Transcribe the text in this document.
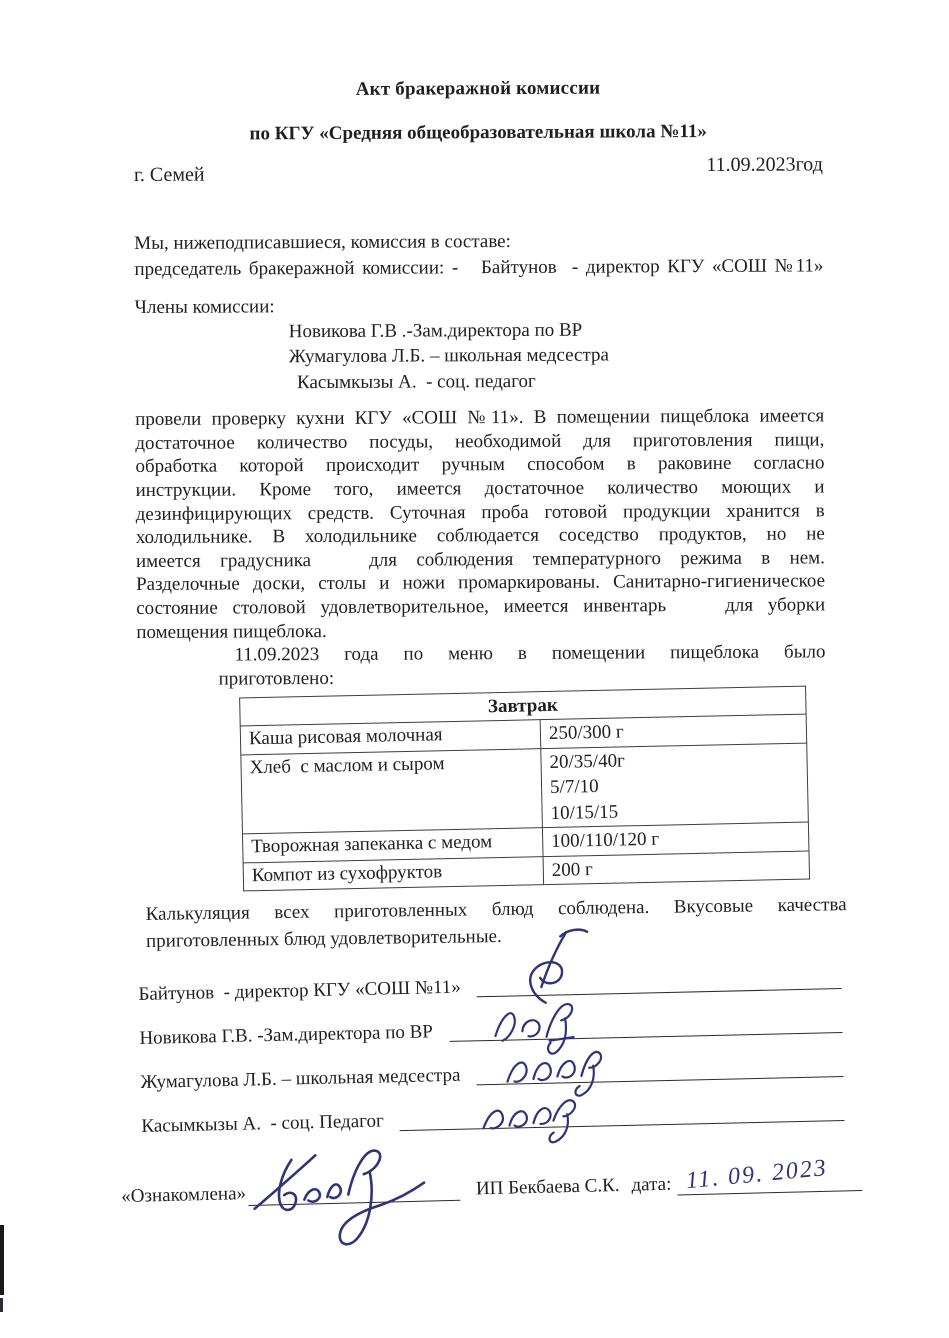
Акт бракеражной комиссии
по КГУ «Средняя общеобразовательная школа №11»
г. Семей	11.09.2023год
Мы, нижеподписавшиеся, комиссия в составе:
председатель бракеражной комиссии: -   Байтунов  - директор КГУ «СОШ №11»
Члены комиссии:
Новикова Г.В .-Зам.директора по ВР
Жумагулова Л.Б. – школьная медсестра
Касымкызы А.  - соц. педагог
провели проверку кухни КГУ «СОШ №11». В помещении пищеблока имеется
достаточное количество посуды, необходимой для приготовления пищи,
обработка которой происходит ручным способом в раковине согласно
инструкции. Кроме того, имеется достаточное количество моющих и
дезинфицирующих средств. Суточная проба готовой продукции хранится в
холодильнике. В холодильнике соблюдается соседство продуктов, но не
имеется градусника   для соблюдения температурного режима в нем.
Разделочные доски, столы и ножи промаркированы. Санитарно-гигиеническое
состояние столовой удовлетворительное, имеется инвентарь    для уборки
помещения пищеблока.
11.09.2023 года по меню в помещении пищеблока было
приготовлено:
Завтрак	
Каша рисовая молочная	250/300 г

Хлеб  с маслом и сыром	20/35/40г
5/7/10
10/15/15

Творожная запеканка с медом	100/110/120 г

Компот из сухофруктов	200 г
Калькуляция всех приготовленных блюд соблюдена. Вкусовые качества
приготовленных блюд удовлетворительные.
Байтунов  - директор КГУ «СОШ №11»
Новикова Г.В. -Зам.директора по ВР
Жумагулова Л.Б. – школьная медсестра
Касымкызы А.  - соц. Педагог
«Ознакомлена»	ИП Бекбаева С.К. дата: 11. 09. 2023
